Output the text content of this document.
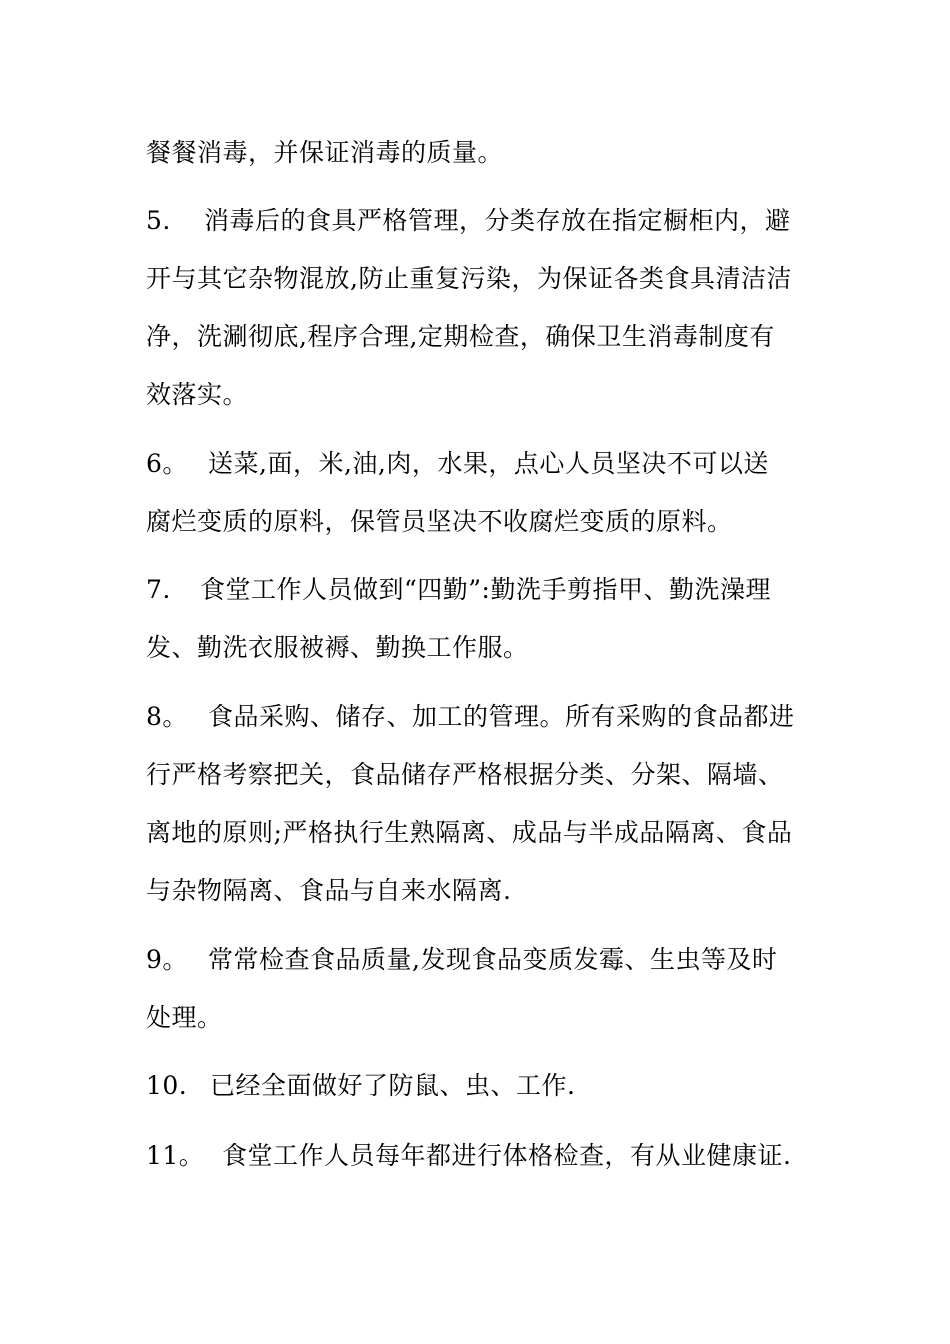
餐餐消毒，并保证消毒的质量。
5. 消毒后的食具严格管理，分类存放在指定橱柜内，避
开与其它杂物混放,防止重复污染，为保证各类食具清洁洁
净，洗涮彻底,程序合理,定期检查，确保卫生消毒制度有
效落实。
6。 送菜,面，米,油,肉，水果，点心人员坚决不可以送
腐烂变质的原料，保管员坚决不收腐烂变质的原料。
7. 食堂工作人员做到“四勤”:勤洗手剪指甲、勤洗澡理
发、勤洗衣服被褥、勤换工作服。
8。 食品采购、储存、加工的管理。所有采购的食品都进
行严格考察把关，食品储存严格根据分类、分架、隔墙、
离地的原则;严格执行生熟隔离、成品与半成品隔离、食品
与杂物隔离、食品与自来水隔离.
9。 常常检查食品质量,发现食品变质发霉、生虫等及时
处理。
10. 已经全面做好了防鼠、虫、工作.
11。 食堂工作人员每年都进行体格检查，有从业健康证.
